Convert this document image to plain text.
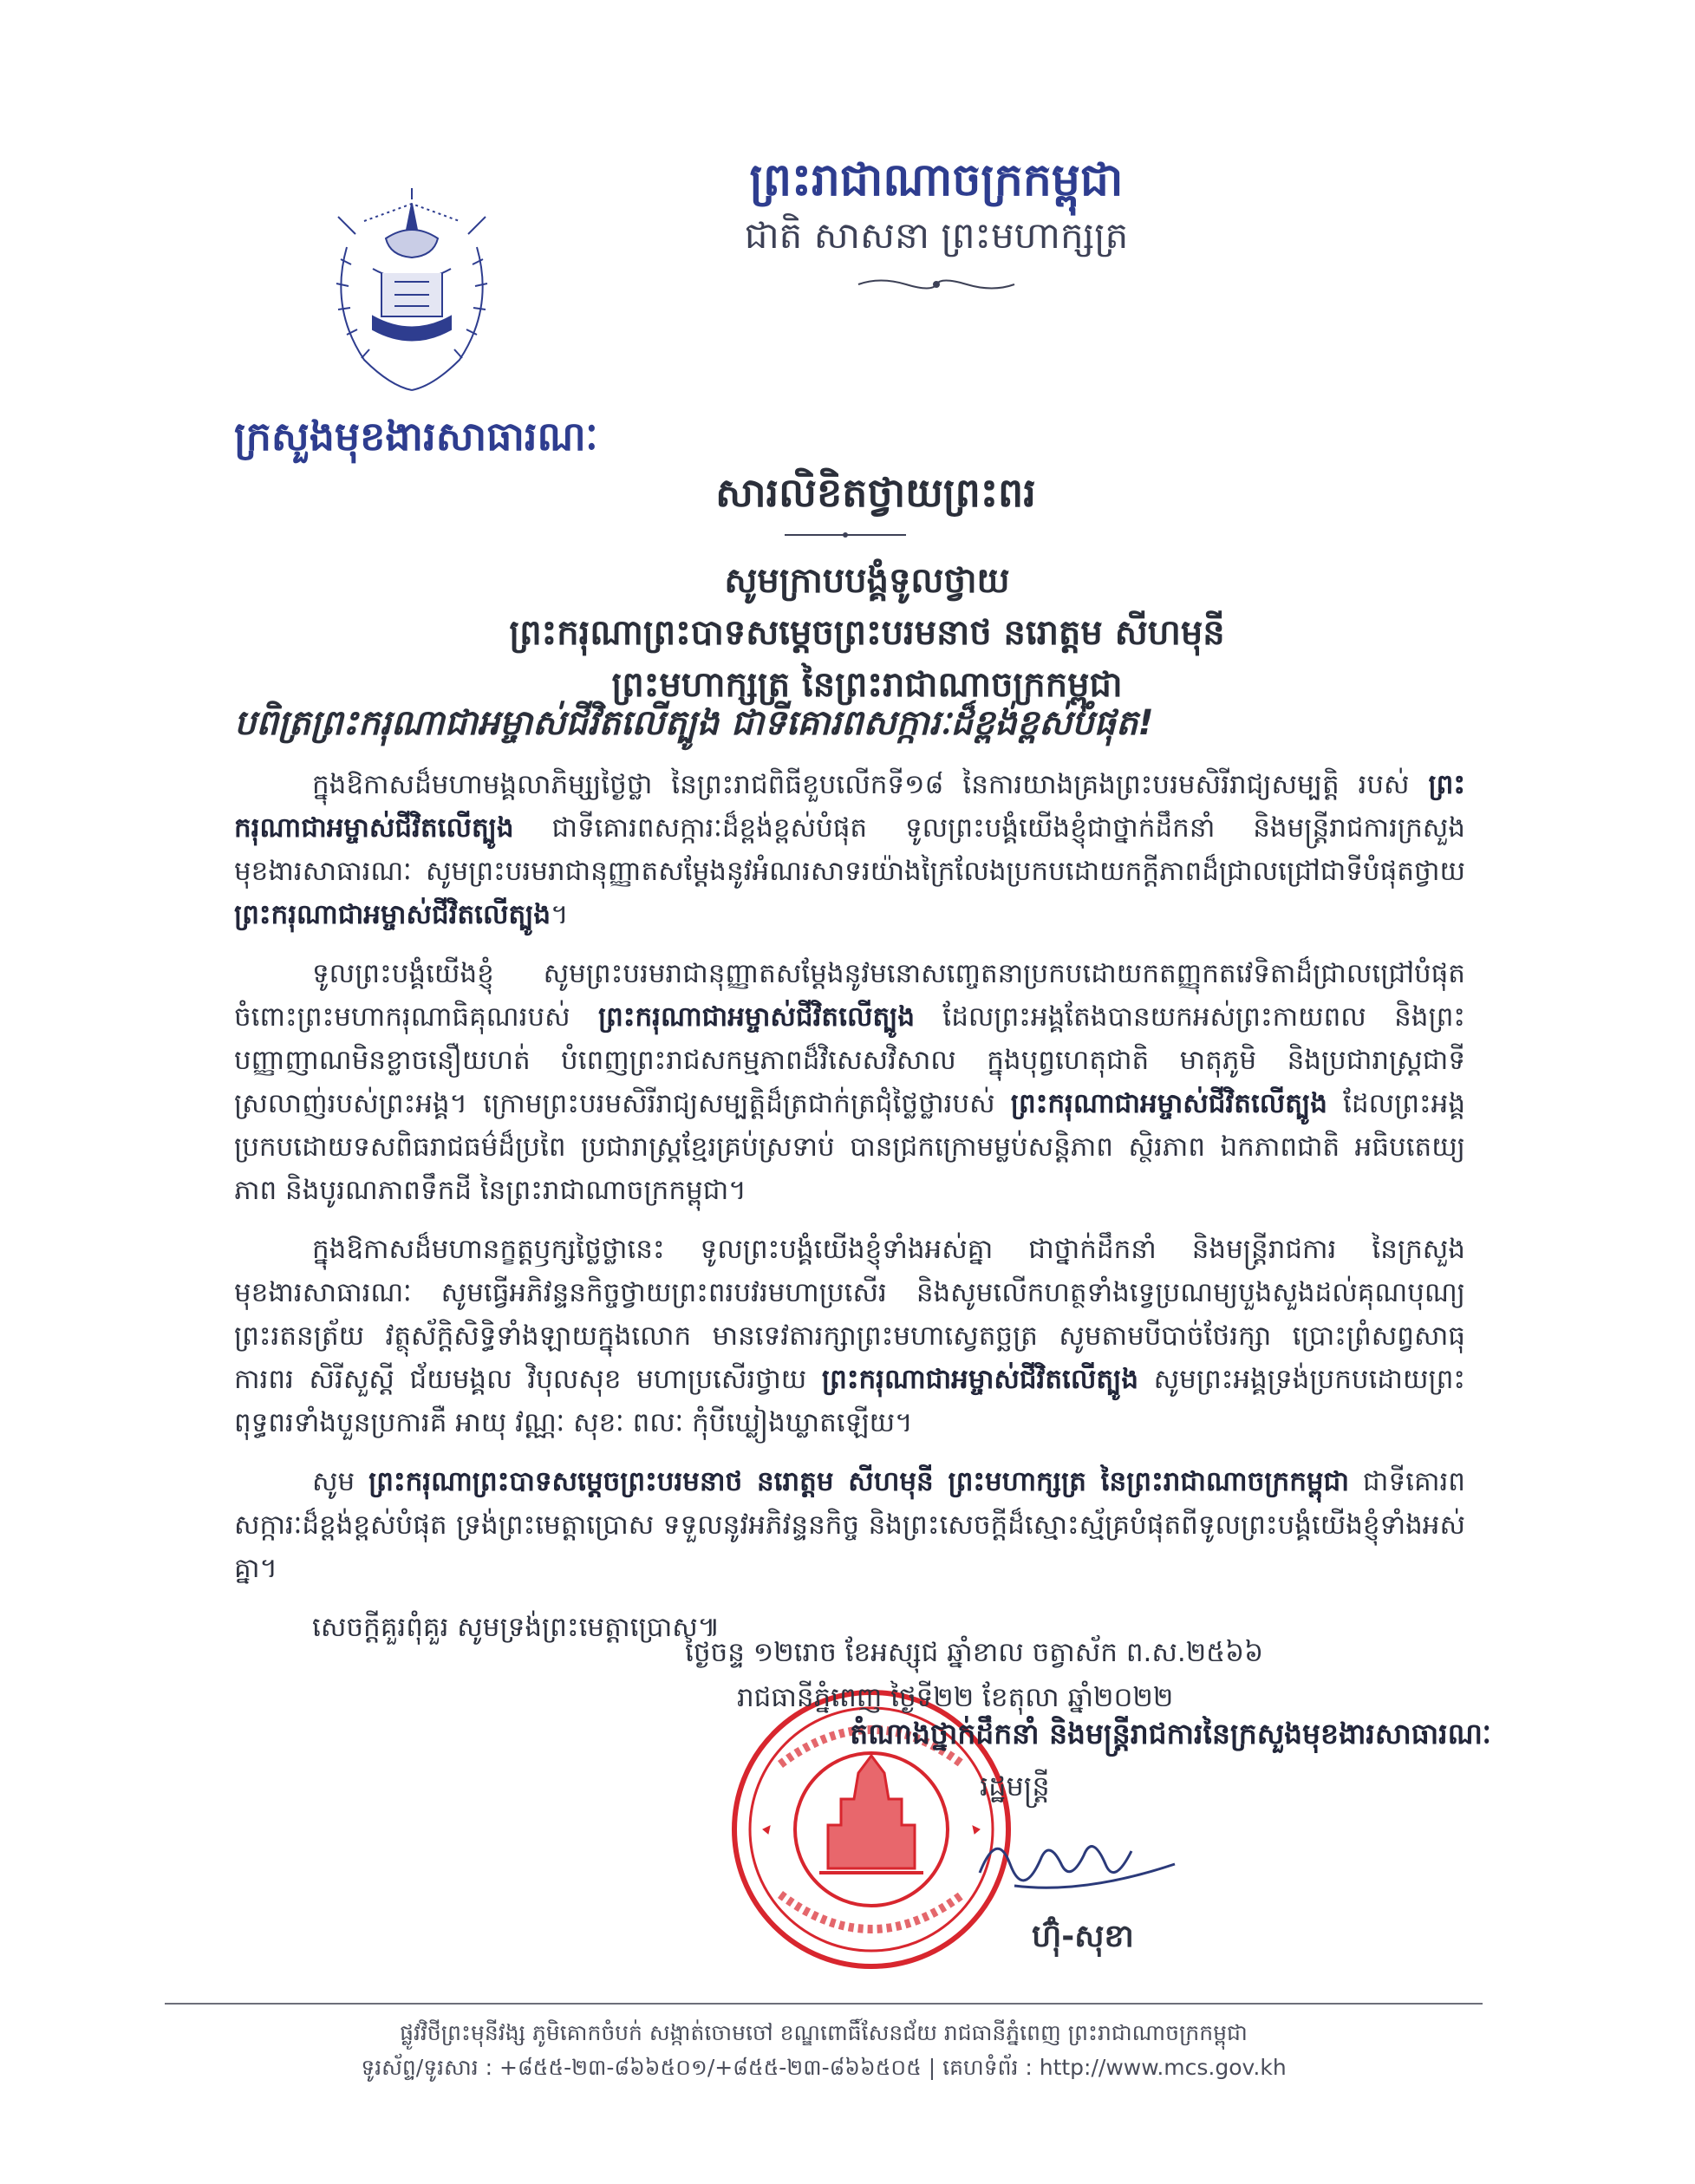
ព្រះរាជាណាចក្រកម្ពុជា
ជាតិ សាសនា ព្រះមហាក្សត្រ
ក្រសួងមុខងារសាធារណៈ
សារលិខិតថ្វាយព្រះពរ
សូមក្រាបបង្គំទូលថ្វាយ
ព្រះករុណាព្រះបាទសម្តេចព្រះបរមនាថ នរោត្តម សីហមុនី
ព្រះមហាក្សត្រ នៃព្រះរាជាណាចក្រកម្ពុជា
បពិត្រព្រះករុណាជាអម្ចាស់ជីវិតលើត្បូង ជាទីគោរពសក្ការៈដ៏ខ្ពង់ខ្ពស់បំផុត!

ក្នុងឱកាសដ៏មហាមង្គលាភិម្ស្យថ្ងៃថ្លា នៃព្រះរាជពិធីខួបលើកទី១៨ នៃការយាងគ្រងព្រះបរមសិរីរាជ្យសម្បត្តិ របស់ ព្រះករុណាជាអម្ចាស់ជីវិតលើត្បូង ជាទីគោរពសក្ការៈដ៏ខ្ពង់ខ្ពស់បំផុត ទូលព្រះបង្គំយើងខ្ញុំជាថ្នាក់ដឹកនាំ និងមន្ត្រីរាជការក្រសួងមុខងារសាធារណៈ សូមព្រះបរមរាជានុញ្ញាតសម្តែងនូវអំណរសាទរយ៉ាងក្រៃលែងប្រកបដោយកក្តីភាពដ៏ជ្រាលជ្រៅជាទីបំផុតថ្វាយ ព្រះករុណាជាអម្ចាស់ជីវិតលើត្បូង។

ទូលព្រះបង្គំយើងខ្ញុំ សូមព្រះបរមរាជានុញ្ញាតសម្តែងនូវមនោសញ្ចេតនាប្រកបដោយកតញ្ញុកតវេទិតាដ៏ជ្រាលជ្រៅបំផុតចំពោះព្រះមហាករុណាធិគុណរបស់ ព្រះករុណាជាអម្ចាស់ជីវិតលើត្បូង ដែលព្រះអង្គតែងបានយកអស់ព្រះកាយពល និងព្រះបញ្ញាញាណមិនខ្លាចនឿយហត់ បំពេញព្រះរាជសកម្មភាពដ៏វិសេសវិសាល ក្នុងបុព្វហេតុជាតិ មាតុភូមិ និងប្រជារាស្ត្រជាទីស្រលាញ់របស់ព្រះអង្គ។ ក្រោមព្រះបរមសិរីរាជ្យសម្បត្តិដ៏ត្រជាក់ត្រជុំថ្លៃថ្លារបស់ ព្រះករុណាជាអម្ចាស់ជីវិតលើត្បូង ដែលព្រះអង្គប្រកបដោយទសពិធរាជធម៌ដ៏ប្រពៃ ប្រជារាស្ត្រខ្មែរគ្រប់ស្រទាប់ បានជ្រកក្រោមម្លប់សន្តិភាព ស្ថិរភាព ឯកភាពជាតិ អធិបតេយ្យភាព និងបូរណភាពទឹកដី នៃព្រះរាជាណាចក្រកម្ពុជា។

ក្នុងឱកាសដ៏មហានក្ខត្តឫក្សថ្លៃថ្លានេះ ទូលព្រះបង្គំយើងខ្ញុំទាំងអស់គ្នា ជាថ្នាក់ដឹកនាំ និងមន្ត្រីរាជការ នៃក្រសួងមុខងារសាធារណៈ សូមធ្វើអភិវន្ទនកិច្ចថ្វាយព្រះពរបវរមហាប្រសើរ និងសូមលើកហត្ថទាំងទ្វេប្រណម្យបួងសួងដល់គុណបុណ្យព្រះរតនត្រ័យ វត្ថុស័ក្តិសិទ្ធិទាំងឡាយក្នុងលោក មានទេវតារក្សាព្រះមហាស្វេតច្ឆត្រ សូមតាមបីបាច់ថែរក្សា ប្រោះព្រំសព្វសាធុការពរ សិរីសួស្តី ជ័យមង្គល វិបុលសុខ មហាប្រសើរថ្វាយ ព្រះករុណាជាអម្ចាស់ជីវិតលើត្បូង សូមព្រះអង្គទ្រង់ប្រកបដោយព្រះពុទ្ធពរទាំងបួនប្រការគឺ អាយុ វណ្ណៈ សុខៈ ពលៈ កុំបីឃ្លៀងឃ្លាតឡើយ។

សូម ព្រះករុណាព្រះបាទសម្តេចព្រះបរមនាថ នរោត្តម សីហមុនី ព្រះមហាក្សត្រ នៃព្រះរាជាណាចក្រកម្ពុជា ជាទីគោរពសក្ការៈដ៏ខ្ពង់ខ្ពស់បំផុត ទ្រង់ព្រះមេត្តាប្រោស ទទួលនូវអភិវន្ទនកិច្ច និងព្រះសេចក្តីដ៏ស្មោះស្ម័គ្របំផុតពីទូលព្រះបង្គំយើងខ្ញុំទាំងអស់គ្នា។

សេចក្តីគួរពុំគួរ សូមទ្រង់ព្រះមេត្តាប្រោស៕

ថ្ងៃចន្ទ ១២រោច ខែអស្សុជ ឆ្នាំខាល ចត្វាស័ក ព.ស.២៥៦៦
រាជធានីភ្នំពេញ ថ្ងៃទី២២ ខែតុលា ឆ្នាំ២០២២
តំណាងថ្នាក់ដឹកនាំ និងមន្ត្រីរាជការនៃក្រសួងមុខងារសាធារណៈ
រដ្ឋមន្ត្រី
ហ៊ុំ-សុខា
ផ្លូវវិថីព្រះមុនីវង្ស ភូមិគោកចំបក់ សង្កាត់ចោមចៅ ខណ្ឌពោធិ៍សែនជ័យ រាជធានីភ្នំពេញ ព្រះរាជាណាចក្រកម្ពុជា
ទូរស័ព្ទ/ទូរសារ : +៨៥៥-២៣-៨៦៦៥០១/+៨៥៥-២៣-៨៦៦៥០៥ | គេហទំព័រ : http://www.mcs.gov.kh
